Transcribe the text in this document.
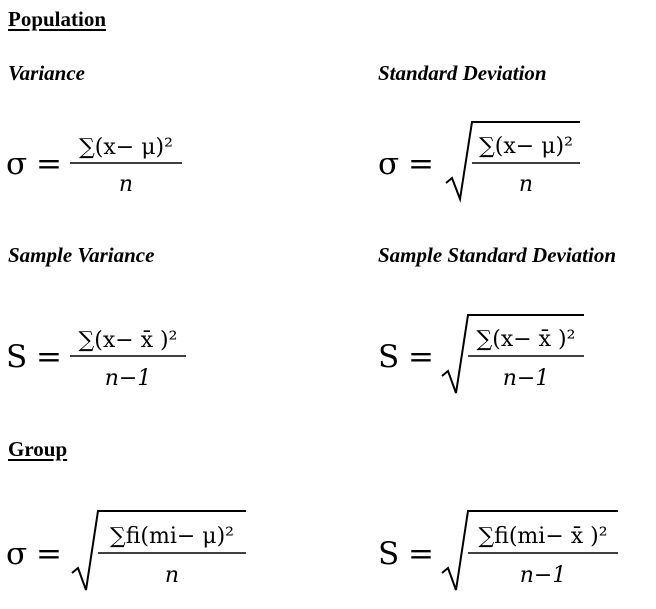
Population
Variance	Standard Deviation
Sample Variance	Sample Standard Deviation
Group
σ = ∑(x− μ)²
n
σ = ∑(x− μ)²
n
S = ∑(x− x̄ )²
n−1
S = ∑(x− x̄ )²
n−1
σ = ∑fi(mi− μ)²
n
S = ∑fi(mi− x̄ )²
n−1
